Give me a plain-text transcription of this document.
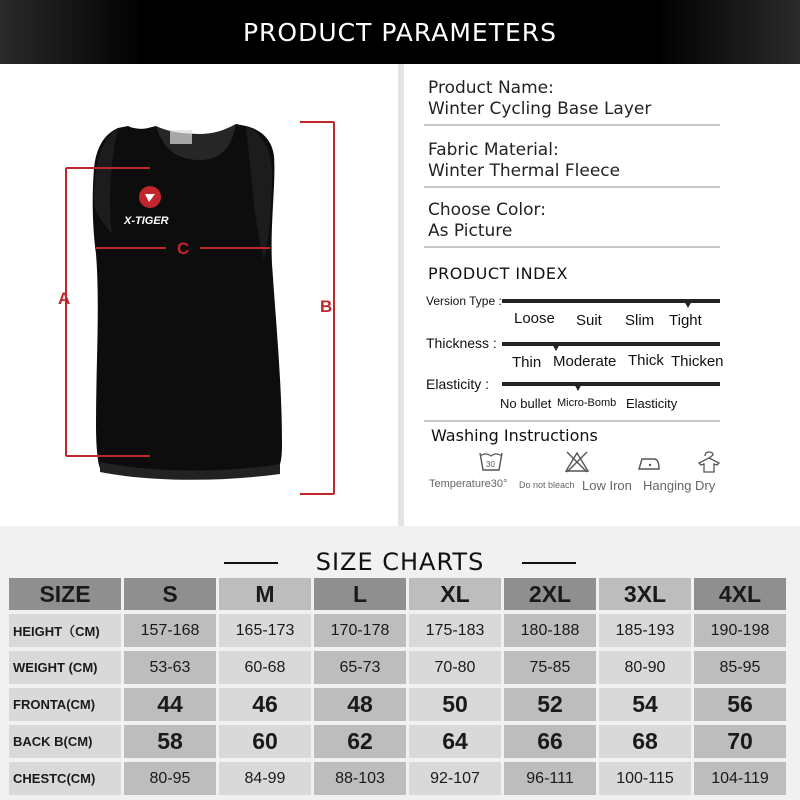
PRODUCT PARAMETERS
X-TIGER
A	B
C
Product Name:
Winter Cycling Base Layer
Fabric Material:
Winter Thermal Fleece
Choose Color:
As Picture
PRODUCT INDEX
Version Type :
Loose Suit Slim Tight
Thickness :
Thin Moderate Thick Thicken
Elasticity :
No bullet Micro-Bomb Elasticity
Washing Instructions
30
Temperature30° Do not bleach Low Iron Hanging Dry
SIZE CHARTS
SIZE	S	M	L	XL	2XL	3XL	4XL
HEIGHT（CM)	157-168	165-173	170-178	175-183	180-188	185-193	190-198
WEIGHT (CM)	53-63	60-68	65-73	70-80	75-85	80-90	85-95
FRONTA(CM)	44	46	48	50	52	54	56
BACK B(CM)	58	60	62	64	66	68	70
CHESTC(CM)	80-95	84-99	88-103	92-107	96-111	100-115	104-119
